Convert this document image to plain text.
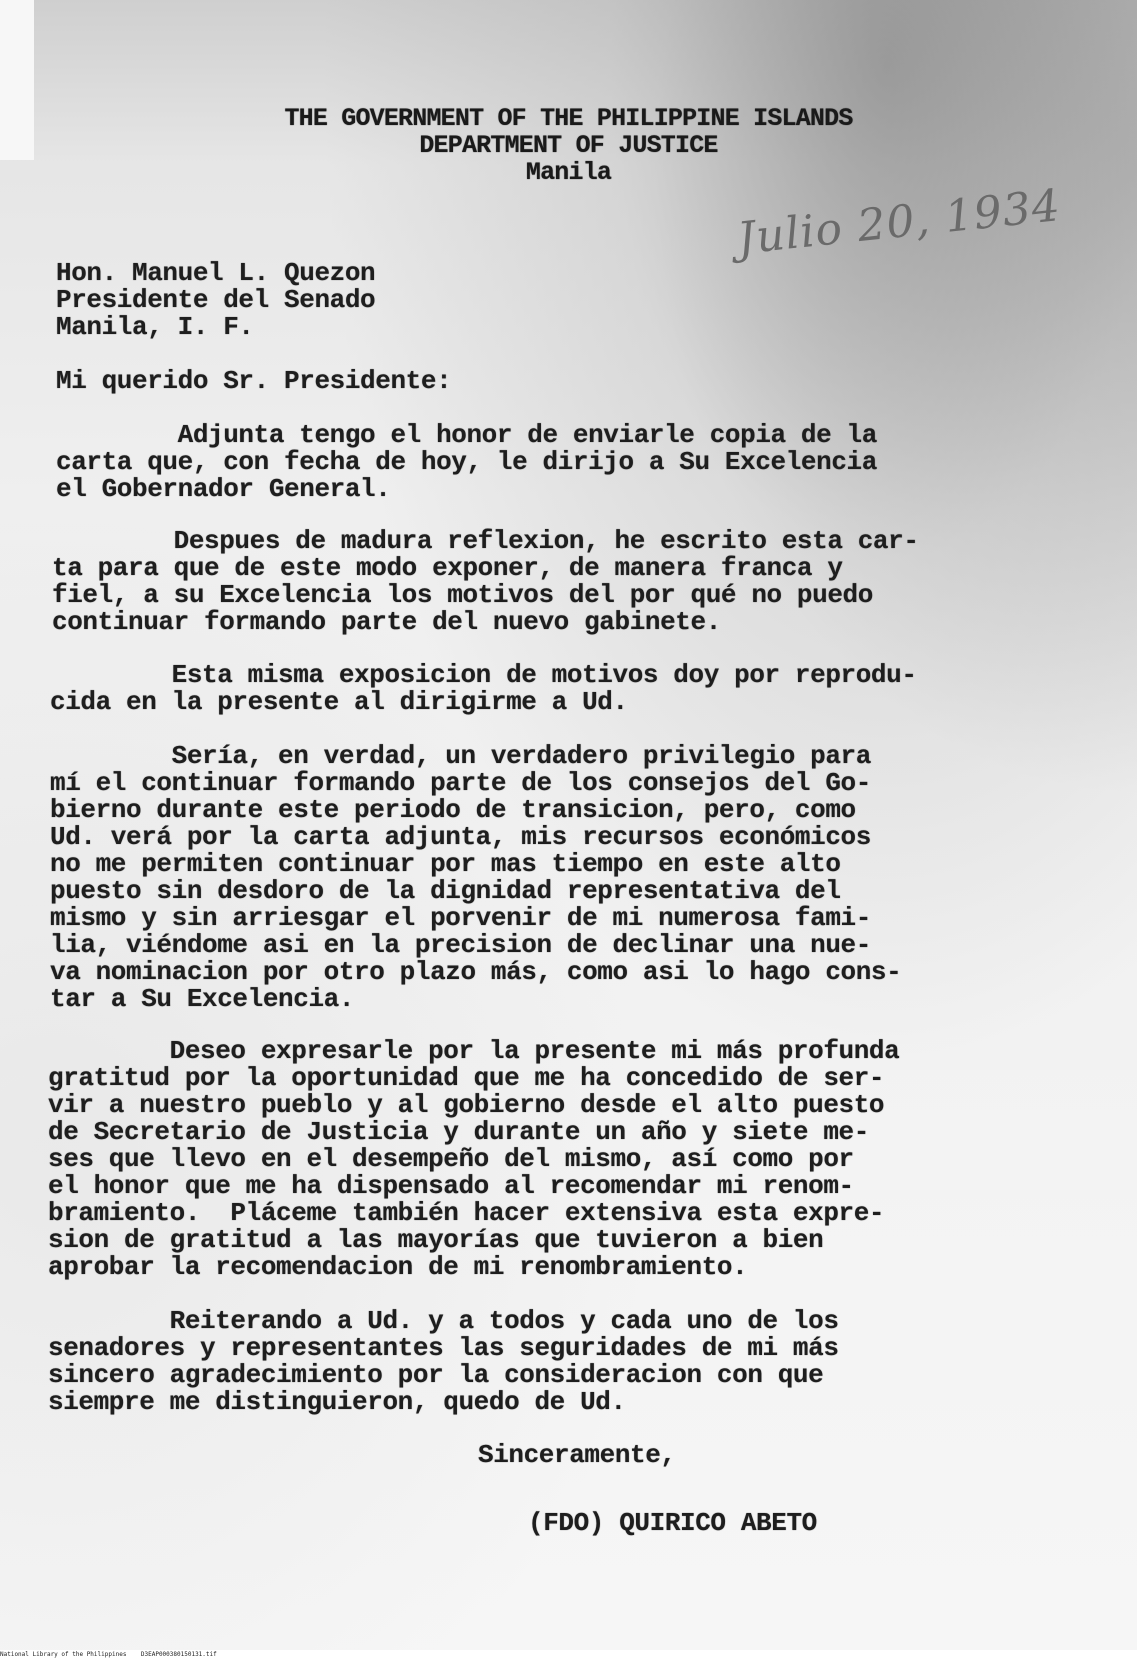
THE GOVERNMENT OF THE PHILIPPINE ISLANDS
DEPARTMENT OF JUSTICE
Manila
Julio 20, 1934
Hon. Manuel L. Quezon
Presidente del Senado
Manila, I. F.
Mi querido Sr. Presidente:
Adjunta tengo el honor de enviarle copia de la
carta que, con fecha de hoy, le dirijo a Su Excelencia
el Gobernador General.
Despues de madura reflexion, he escrito esta car-
ta para que de este modo exponer, de manera franca y
fiel, a su Excelencia los motivos del por qué no puedo
continuar formando parte del nuevo gabinete.
Esta misma exposicion de motivos doy por reprodu-
cida en la presente al dirigirme a Ud.
Sería, en verdad, un verdadero privilegio para
mí el continuar formando parte de los consejos del Go-
bierno durante este periodo de transicion, pero, como
Ud. verá por la carta adjunta, mis recursos económicos
no me permiten continuar por mas tiempo en este alto
puesto sin desdoro de la dignidad representativa del
mismo y sin arriesgar el porvenir de mi numerosa fami-
lia, viéndome asi en la precision de declinar una nue-
va nominacion por otro plazo más, como asi lo hago cons-
tar a Su Excelencia.
Deseo expresarle por la presente mi más profunda
gratitud por la oportunidad que me ha concedido de ser-
vir a nuestro pueblo y al gobierno desde el alto puesto
de Secretario de Justicia y durante un año y siete me-
ses que llevo en el desempeño del mismo, así como por
el honor que me ha dispensado al recomendar mi renom-
bramiento.  Pláceme también hacer extensiva esta expre-
sion de gratitud a las mayorías que tuvieron a bien
aprobar la recomendacion de mi renombramiento.
Reiterando a Ud. y a todos y cada uno de los
senadores y representantes las seguridades de mi más
sincero agradecimiento por la consideracion con que
siempre me distinguieron, quedo de Ud.
Sinceramente,
(FDO) QUIRICO ABETO
National Library of the Philippines    D3EAP000380150131.tif
